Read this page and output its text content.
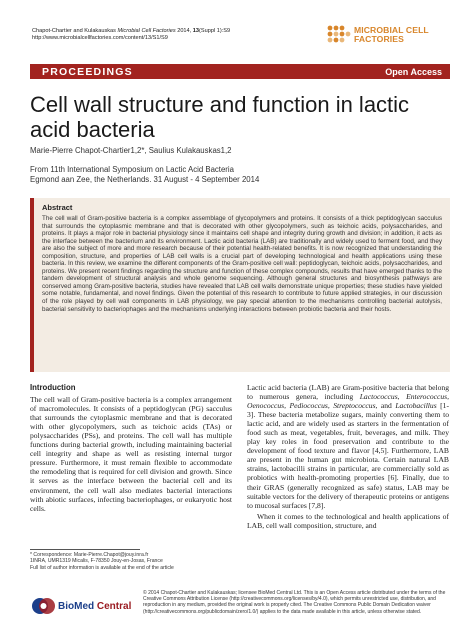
Chapot-Chartier and Kulakauskas Microbial Cell Factories 2014, 13(Suppl 1):S9
http://www.microbialcellfactories.com/content/13/S1/S9
MICROBIAL CELL
FACTORIES
PROCEEDINGS	Open Access
Cell wall structure and function in lactic acid bacteria
Marie-Pierre Chapot-Chartier1,2*, Saulius Kulakauskas1,2
From 11th International Symposium on Lactic Acid Bacteria
Egmond aan Zee, the Netherlands. 31 August - 4 September 2014
Abstract
The cell wall of Gram-positive bacteria is a complex assemblage of glycopolymers and proteins. It consists of a thick peptidoglycan sacculus that surrounds the cytoplasmic membrane and that is decorated with other glycopolymers, such as teichoic acids, polysaccharides, and proteins. It plays a major role in bacterial physiology since it maintains cell shape and integrity during growth and division; in addition, it acts as the interface between the bacterium and its environment. Lactic acid bacteria (LAB) are traditionally and widely used to ferment food, and they are also the subject of more and more research because of their potential health-related benefits. It is now recognized that understanding the composition, structure, and properties of LAB cell walls is a crucial part of developing technological and health applications using these bacteria. In this review, we examine the different components of the Gram-positive cell wall: peptidoglycan, teichoic acids, polysaccharides, and proteins. We present recent findings regarding the structure and function of these complex compounds, results that have emerged thanks to the tandem development of structural analysis and whole genome sequencing. Although general structures and biosynthesis pathways are conserved among Gram-positive bacteria, studies have revealed that LAB cell walls demonstrate unique properties; these studies have yielded some notable, fundamental, and novel findings. Given the potential of this research to contribute to future applied strategies, in our discussion of the role played by cell wall components in LAB physiology, we pay special attention to the mechanisms controlling bacterial autolysis, bacterial sensitivity to bacteriophages and the mechanisms underlying interactions between probiotic bacteria and their hosts.
Introduction
The cell wall of Gram-positive bacteria is a complex arrangement of macromolecules. It consists of a peptidoglycan (PG) sacculus that surrounds the cytoplasmic membrane and that is decorated with other glycopolymers, such as teichoic acids (TAs) or polysaccharides (PSs), and proteins. The cell wall has multiple functions during bacterial growth, including maintaining bacterial cell integrity and shape as well as resisting internal turgor pressure. Furthermore, it must remain flexible to accommodate the remodeling that is required for cell division and growth. Since it serves as the interface between the bacterial cell and its environment, the cell wall also mediates bacterial interactions with abiotic surfaces, infecting bacteriophages, or eukaryotic host cells.
Lactic acid bacteria (LAB) are Gram-positive bacteria that belong to numerous genera, including Lactococcus, Enterococcus, Oenococcus, Pediococcus, Streptococcus, and Lactobacillus [1-3]. These bacteria metabolize sugars, mainly converting them to lactic acid, and are widely used as starters in the fermentation of food such as meat, vegetables, fruit, beverages, and milk. They play key roles in food preservation and contribute to the development of food texture and flavor [4,5]. Furthermore, LAB are present in the human gut microbiota. Certain natural LAB strains, lactobacilli strains in particular, are commercially sold as probiotics with health-promoting properties [6]. Finally, due to their GRAS (generally recognized as safe) status, LAB may be suitable vectors for the delivery of therapeutic proteins or antigens to mucosal surfaces [7,8].
When it comes to the technological and health applications of LAB, cell wall composition, structure, and
* Correspondence: Marie-Pierre.Chapot@jouy.inra.fr
1INRA, UMR1319 Micalis, F-78350 Jouy-en-Josas, France
Full list of author information is available at the end of the article
BioMed Central
© 2014 Chapot-Chartier and Kulakauskas; licensee BioMed Central Ltd. This is an Open Access article distributed under the terms of the Creative Commons Attribution License (http://creativecommons.org/licenses/by/4.0), which permits unrestricted use, distribution, and reproduction in any medium, provided the original work is properly cited. The Creative Commons Public Domain Dedication waiver (http://creativecommons.org/publicdomain/zero/1.0/) applies to the data made available in this article, unless otherwise stated.
